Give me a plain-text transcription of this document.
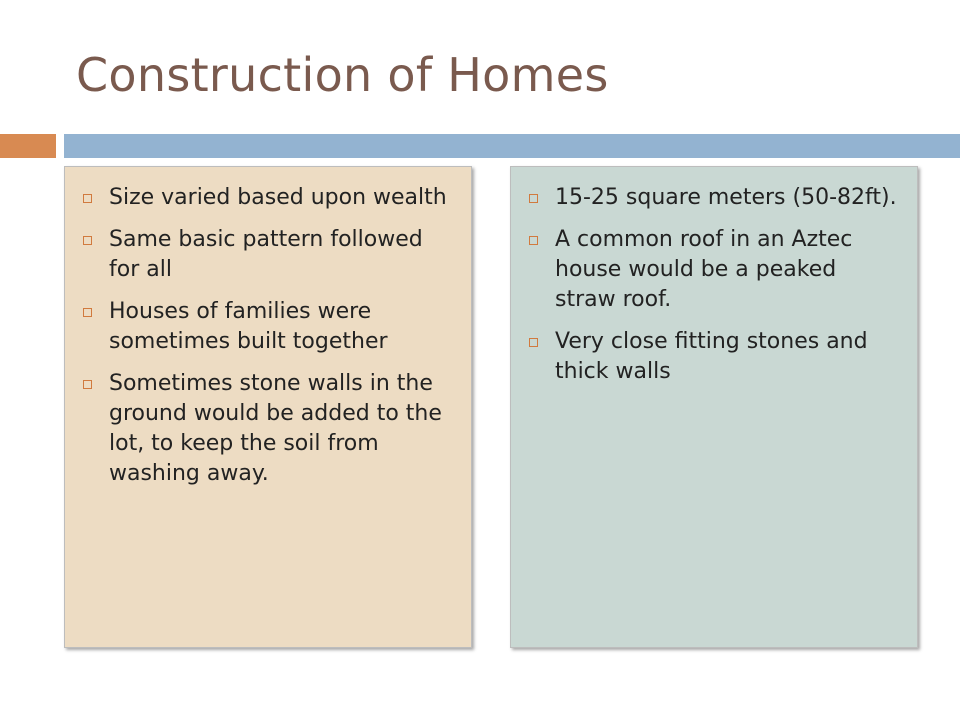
Construction of Homes
Size varied based upon wealth
Same basic pattern followed for all
Houses of families were sometimes built together
Sometimes stone walls in the ground would be added to the lot, to keep the soil from washing away.
15-25 square meters (50-82ft).
A common roof in an Aztec house would be a peaked straw roof.
Very close fitting stones and thick walls
